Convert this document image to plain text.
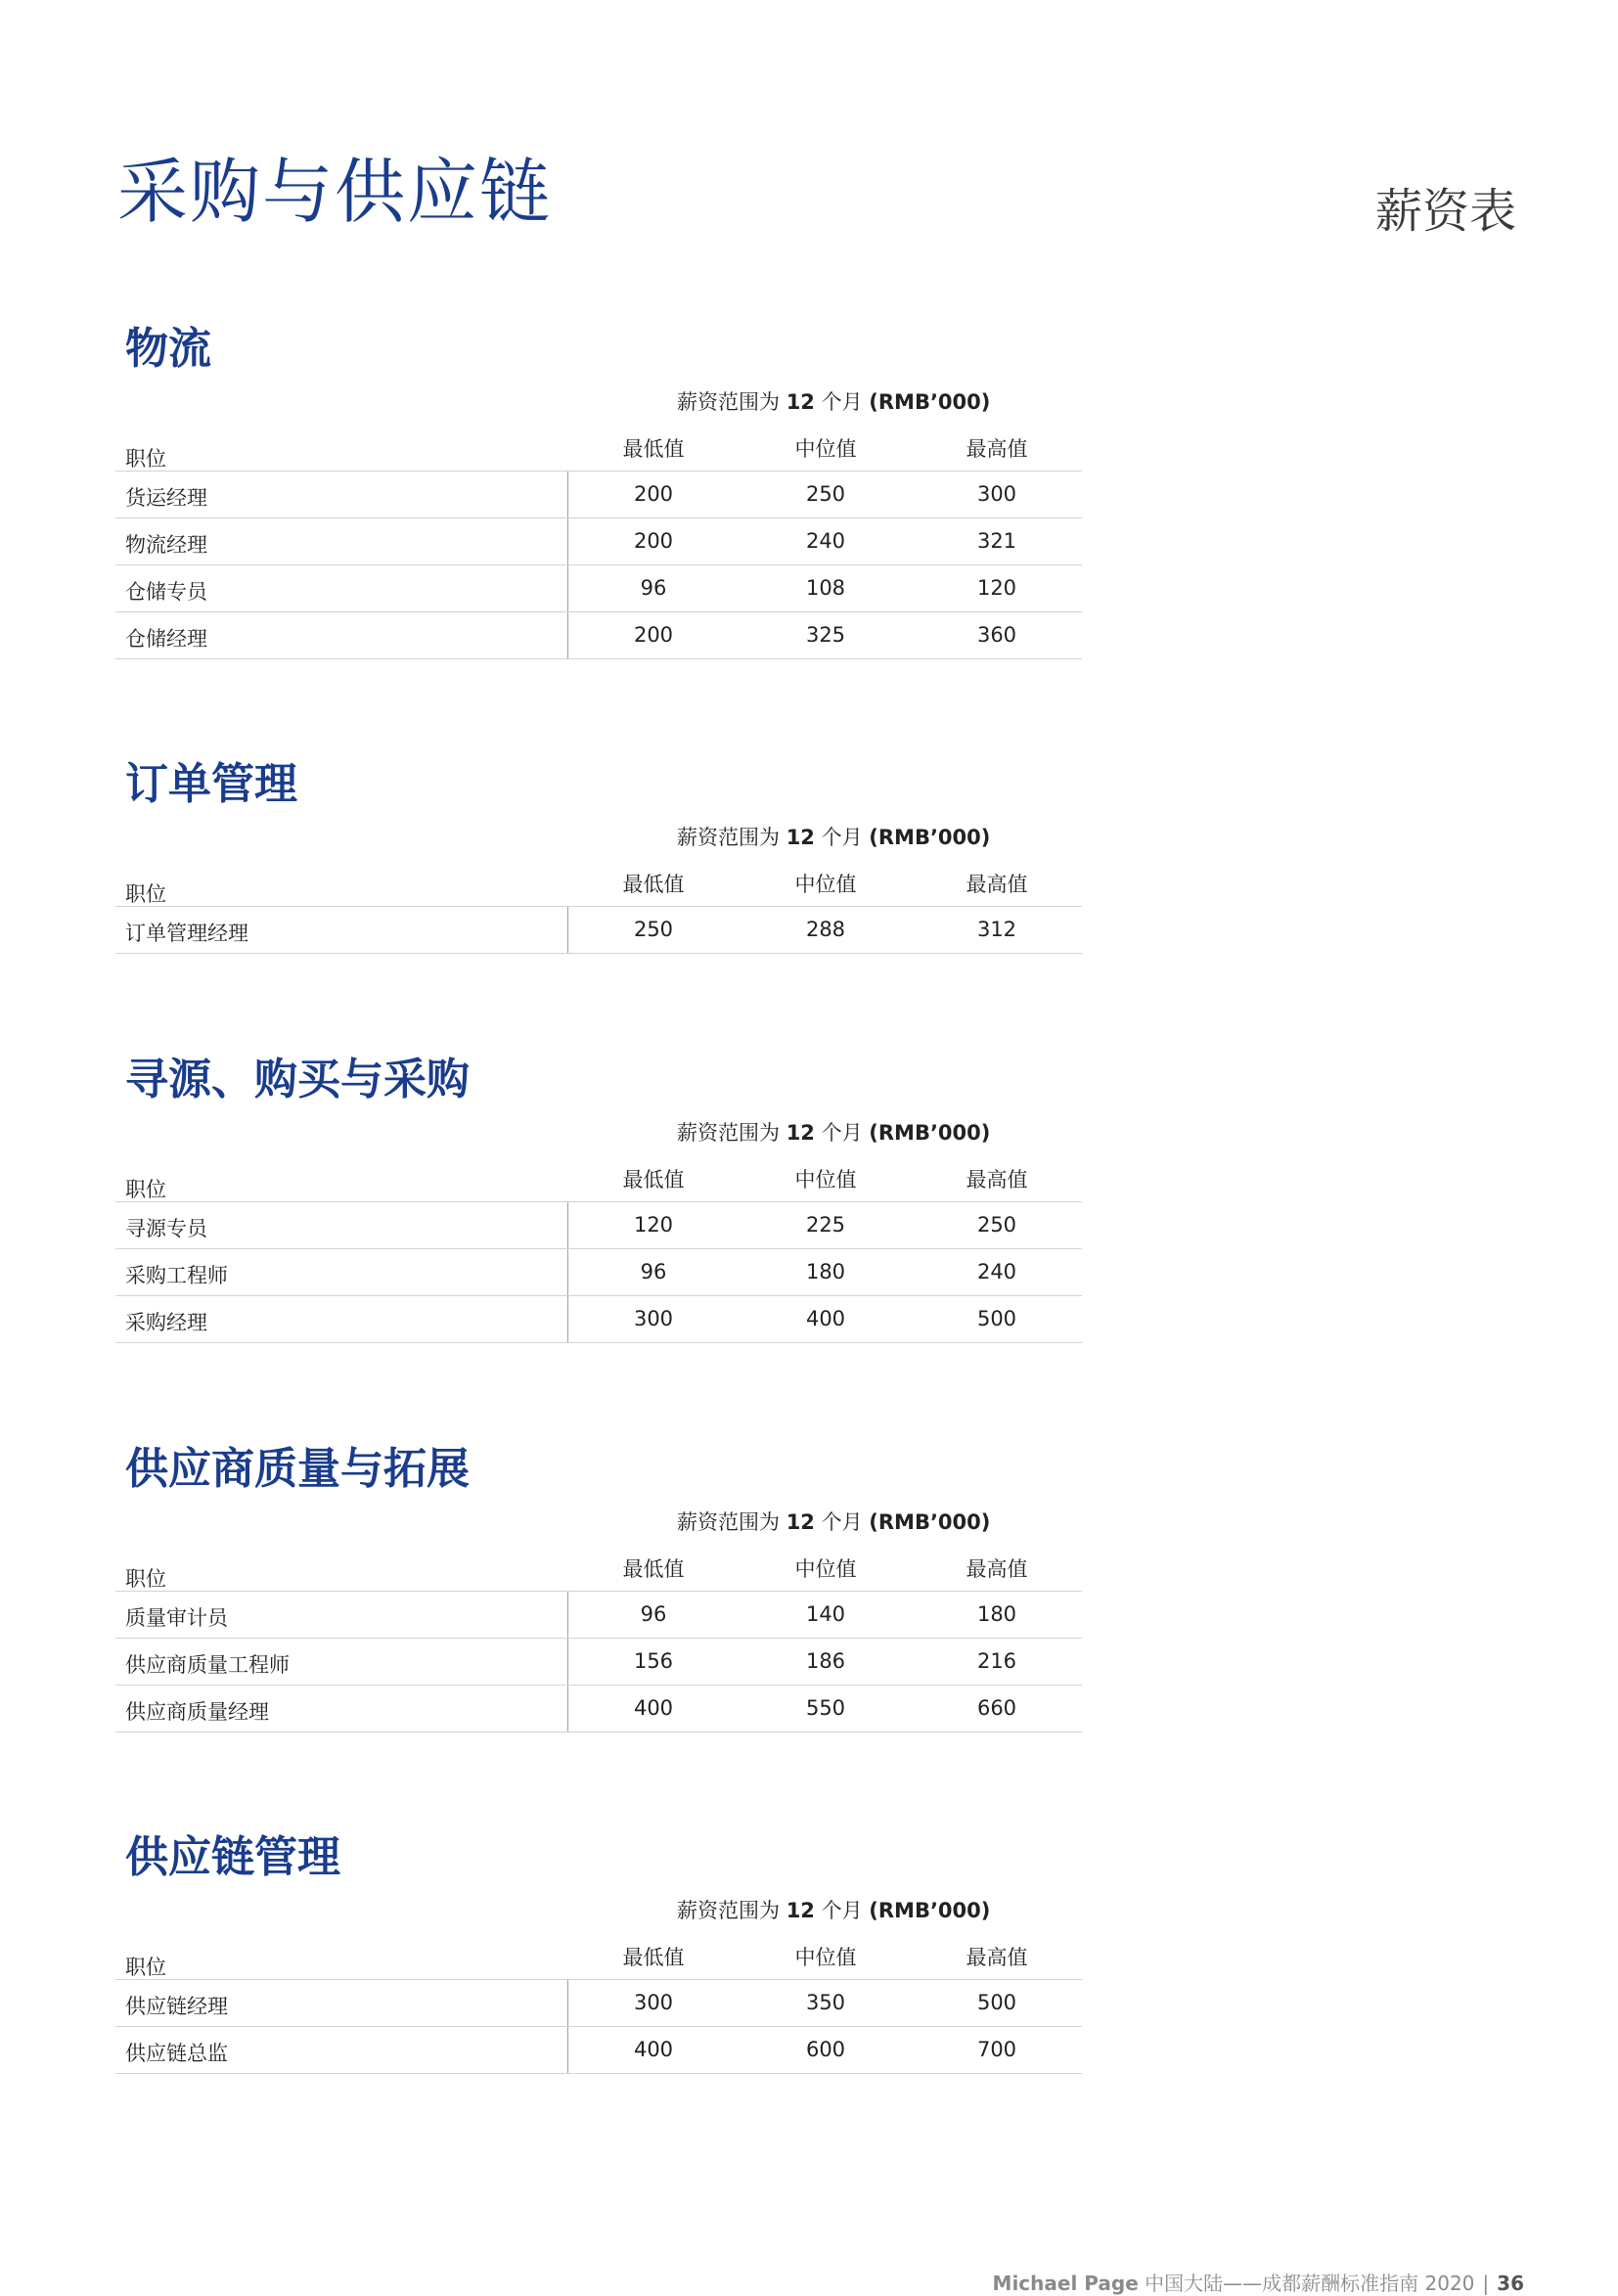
采购与供应链	薪资表
物流
薪资范围为 12 个月 (RMB’000)
职位	最低值	中位值	最高值
货运经理	200	250	300
物流经理	200	240	321
仓储专员	96	108	120
仓储经理	200	325	360
订单管理
薪资范围为 12 个月 (RMB’000)
职位	最低值	中位值	最高值
订单管理经理	250	288	312
寻源、购买与采购
薪资范围为 12 个月 (RMB’000)
职位	最低值	中位值	最高值
寻源专员	120	225	250
采购工程师	96	180	240
采购经理	300	400	500
供应商质量与拓展
薪资范围为 12 个月 (RMB’000)
职位	最低值	中位值	最高值
质量审计员	96	140	180
供应商质量工程师	156	186	216
供应商质量经理	400	550	660
供应链管理
薪资范围为 12 个月 (RMB’000)
职位	最低值	中位值	最高值
供应链经理	300	350	500
供应链总监	400	600	700
Michael Page 中国大陆——成都薪酬标准指南 2020 | 36
